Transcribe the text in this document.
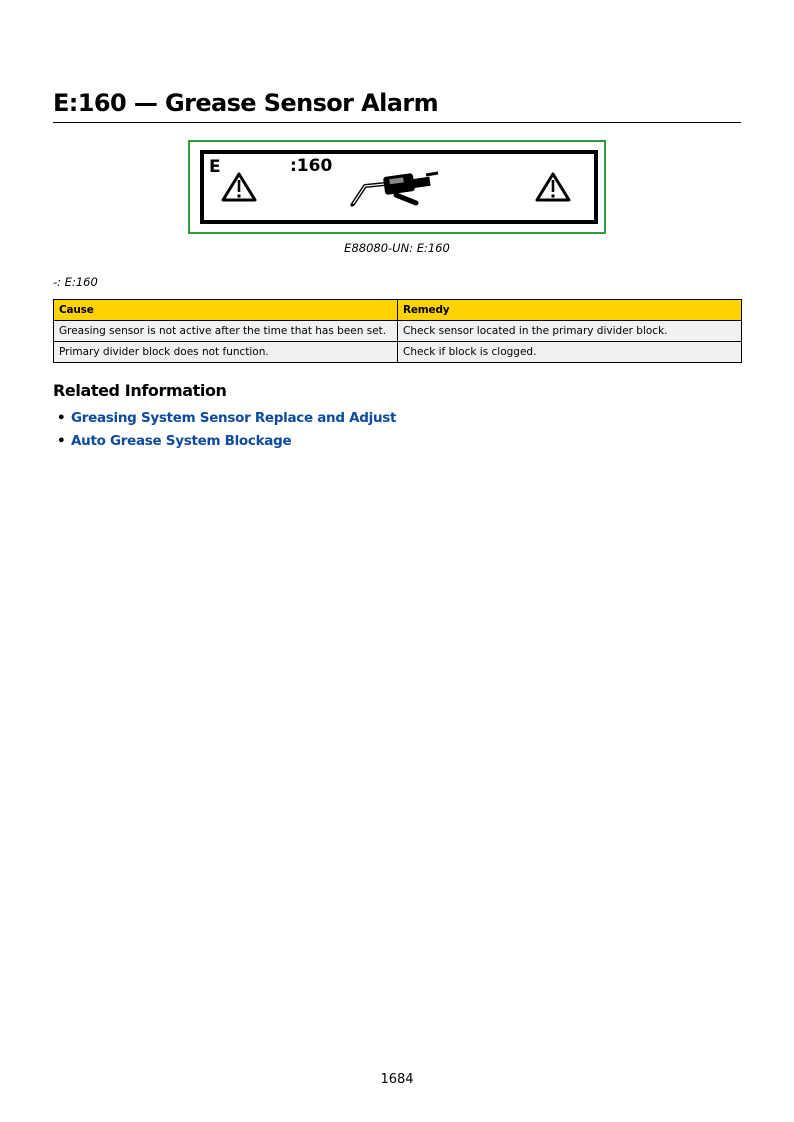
E:160 — Grease Sensor Alarm
E	:160
E88080-UN: E:160
-: E:160
Cause	Remedy
Greasing sensor is not active after the time that has been set.	Check sensor located in the primary divider block.
Primary divider block does not function.	Check if block is clogged.
Related Information
• Greasing System Sensor Replace and Adjust
• Auto Grease System Blockage
1684
